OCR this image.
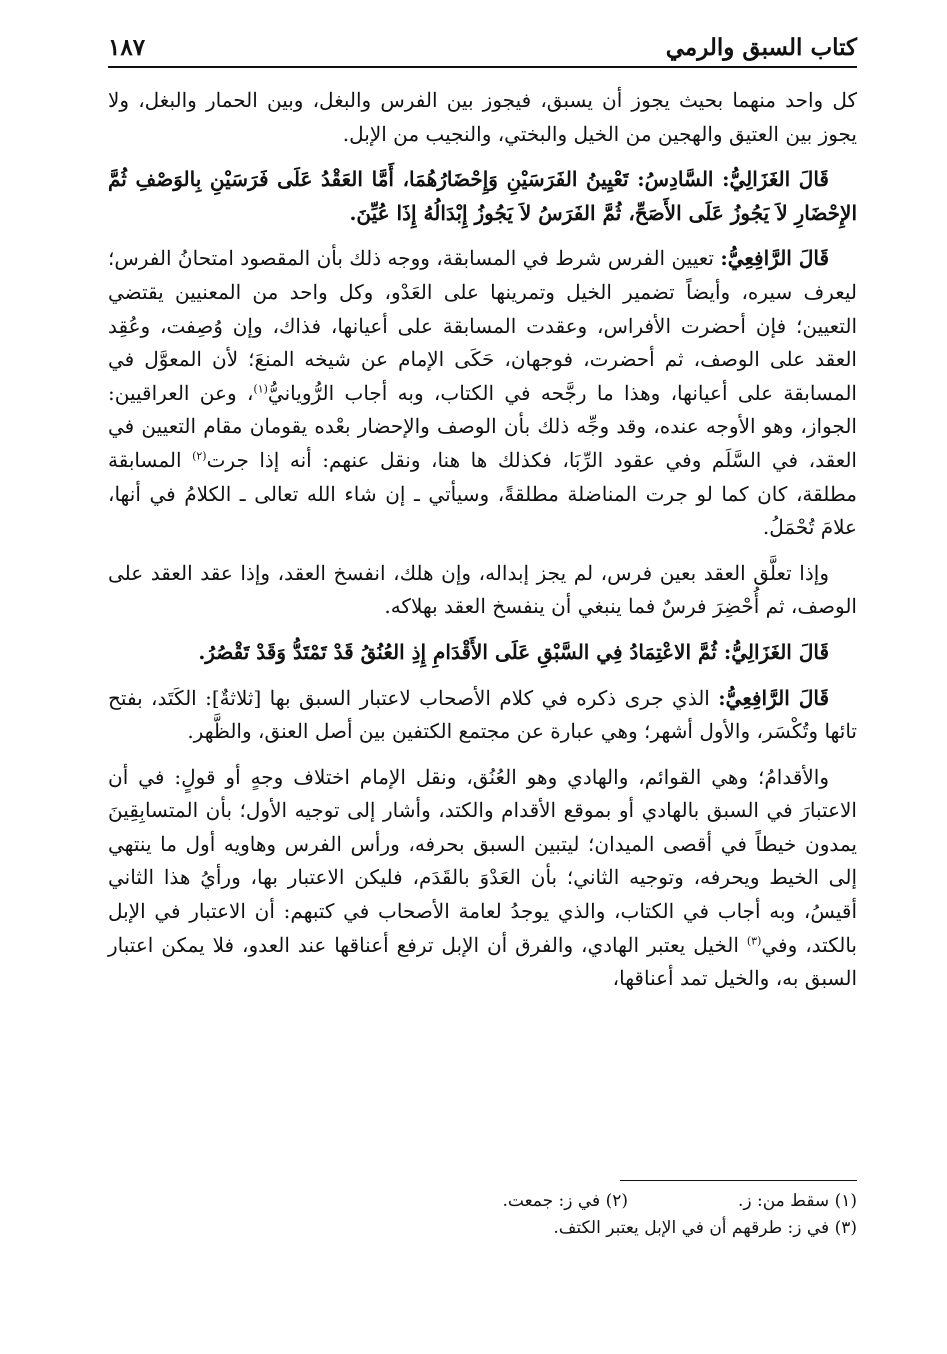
كتاب السبق والرمي
١٨٧

كل واحد منهما بحيث يجوز أن يسبق، فيجوز بين الفرس والبغل، وبين الحمار والبغل، ولا يجوز بين العتيق والهجين من الخيل والبختي، والنجيب من الإبل.

قَالَ الغَزَالِيُّ: السَّادِسُ: تَعْيِينُ الفَرَسَيْنِ وَإِحْضَارُهُمَا، أَمَّا العَقْدُ عَلَى فَرَسَيْنِ بِالوَصْفِ ثُمَّ الإِحْضَارِ لاَ يَجُوزُ عَلَى الأَصَحِّ، ثُمَّ الفَرَسُ لاَ يَجُوزُ إِبْدَالُهُ إِذَا عُيِّنَ.

قَالَ الرَّافِعِيُّ: تعيين الفرس شرط في المسابقة، ووجه ذلك بأن المقصود امتحانُ الفرس؛ ليعرف سيره، وأيضاً تضمير الخيل وتمرينها على العَدْو، وكل واحد من المعنيين يقتضي التعيين؛ فإن أحضرت الأفراس، وعقدت المسابقة على أعيانها، فذاك، وإن وُصِفت، وعُقِد العقد على الوصف، ثم أحضرت، فوجهان، حَكَى الإمام عن شيخه المنعَ؛ لأن المعوَّل في المسابقة على أعيانها، وهذا ما رجَّحه في الكتاب، وبه أجاب الرُّويانيُّ$^{(١)}$، وعن العراقيين: الجواز، وهو الأوجه عنده، وقد وجِّه ذلك بأن الوصف والإحضار بعْده يقومان مقام التعيين في العقد، في السَّلَم وفي عقود الرِّبَا، فكذلك ها هنا، ونقل عنهم: أنه إذا جرت$^{(٢)}$ المسابقة مطلقة، كان كما لو جرت المناضلة مطلقةً، وسيأتي ـ إن شاء الله تعالى ـ الكلامُ في أنها، علامَ تُحْمَلُ.

وإذا تعلَّق العقد بعين فرس، لم يجز إبداله، وإن هلك، انفسخ العقد، وإذا عقد العقد على الوصف، ثم أُحْضِرَ فرسٌ فما ينبغي أن ينفسخ العقد بهلاكه.

قَالَ الغَزَالِيُّ: ثُمَّ الاعْتِمَادُ فِي السَّبْقِ عَلَى الأَقْدَامِ إِذِ العُنُقُ قَدْ تَمْتَدُّ وَقَدْ تَقْصُرُ.

قَالَ الرَّافِعِيُّ: الذي جرى ذكره في كلام الأصحاب لاعتبار السبق بها [ثلاثةٌ]: الكَتَد، بفتح تائها وتُكْسَر، والأول أشهر؛ وهي عبارة عن مجتمع الكتفين بين أصل العنق، والظَّهر.

والأقدامُ؛ وهي القوائم، والهادي وهو العُنُق، ونقل الإمام اختلاف وجهٍ أو قولٍ: في أن الاعتبارَ في السبق بالهادي أو بموقع الأقدام والكتد، وأشار إلى توجيه الأول؛ بأن المتسابِقِينَ يمدون خيطاً في أقصى الميدان؛ ليتبين السبق بحرفه، ورأس الفرس وهاويه أول ما ينتهي إلى الخيط ويحرفه، وتوجيه الثاني؛ بأن العَدْوَ بالقَدَم، فليكن الاعتبار بها، ورأيُ هذا الثاني أقيسُ، وبه أجاب في الكتاب، والذي يوجدُ لعامة الأصحاب في كتبهم: أن الاعتبار في الإبل بالكتد، وفي$^{(٣)}$ الخيل يعتبر الهادي، والفرق أن الإبل ترفع أعناقها عند العدو، فلا يمكن اعتبار السبق به، والخيل تمد أعناقها،

(١) سقط من: ز.
(٢) في ز: جمعت.
(٣) في ز: طرقهم أن في الإبل يعتبر الكتف.
